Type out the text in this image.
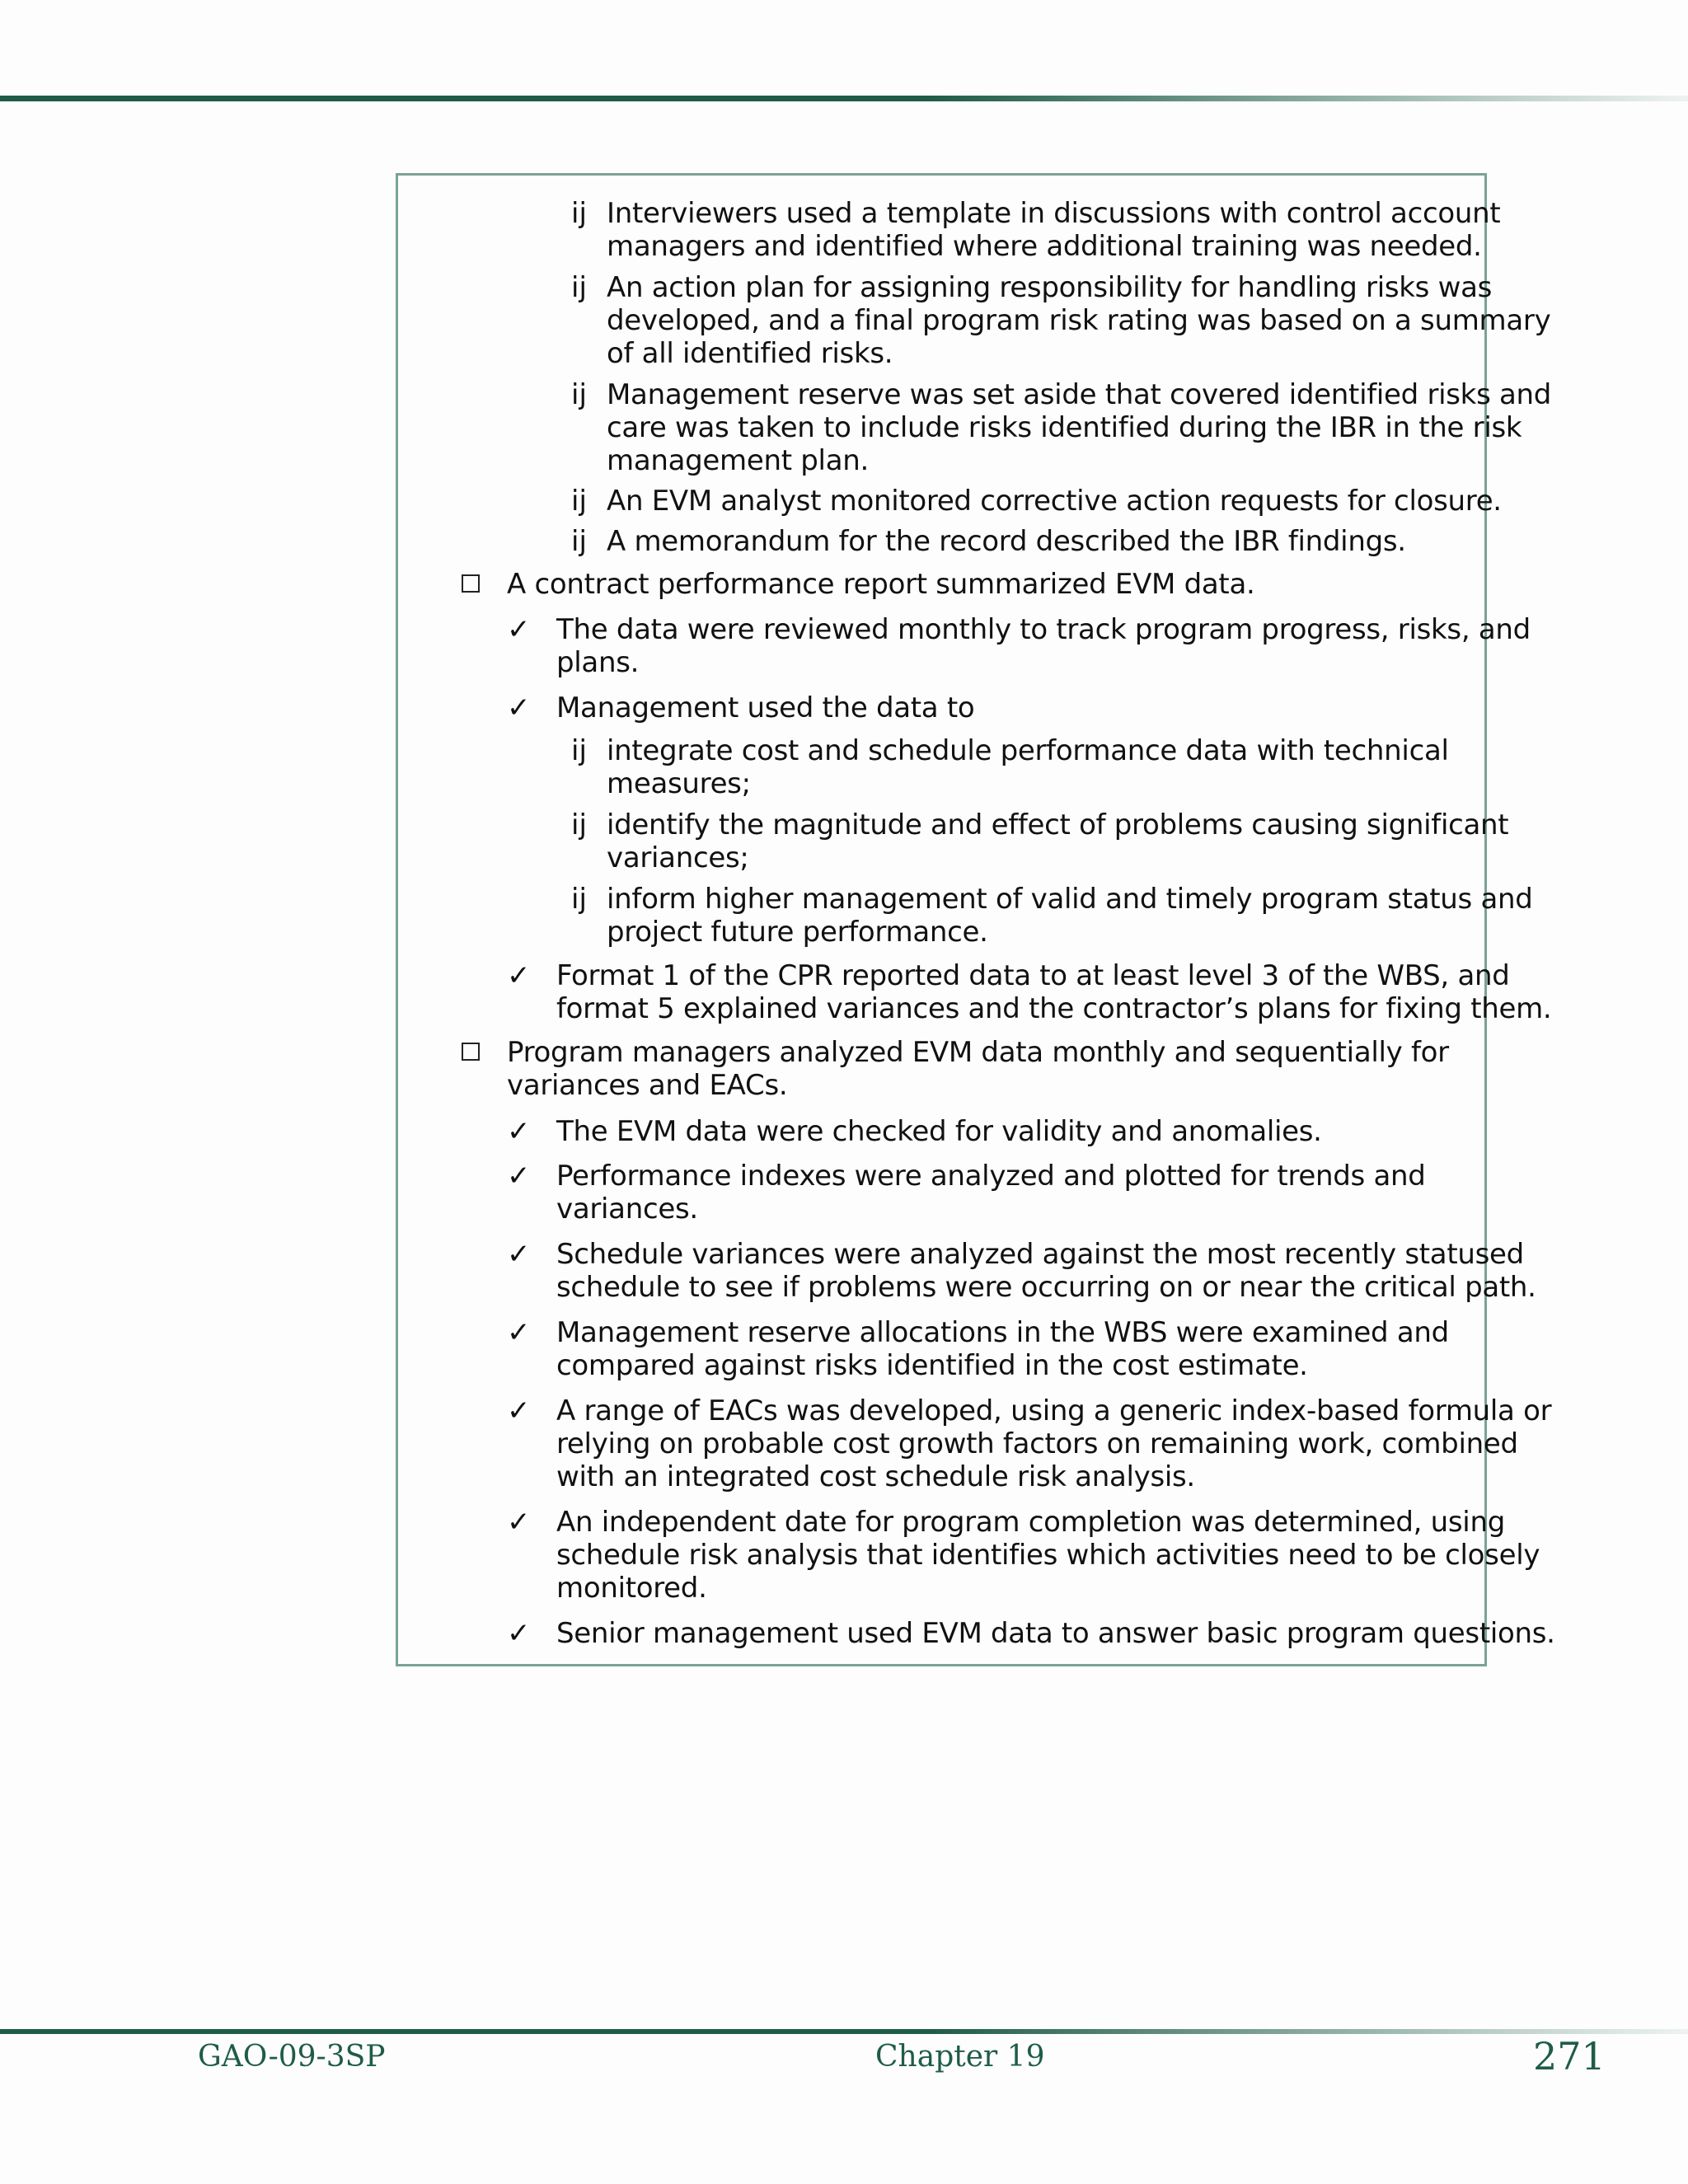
ij Interviewers used a template in discussions with control account
managers and identified where additional training was needed.
ij An action plan for assigning responsibility for handling risks was
developed, and a final program risk rating was based on a summary
of all identified risks.
ij Management reserve was set aside that covered identified risks and
care was taken to include risks identified during the IBR in the risk
management plan.
ij An EVM analyst monitored corrective action requests for closure.
ij A memorandum for the record described the IBR findings.
A contract performance report summarized EVM data.
✓ The data were reviewed monthly to track program progress, risks, and
plans.
✓ Management used the data to
ij integrate cost and schedule performance data with technical
measures;
ij identify the magnitude and effect of problems causing significant
variances;
ij inform higher management of valid and timely program status and
project future performance.
✓ Format 1 of the CPR reported data to at least level 3 of the WBS, and
format 5 explained variances and the contractor’s plans for fixing them.
Program managers analyzed EVM data monthly and sequentially for
variances and EACs.
✓ The EVM data were checked for validity and anomalies.
✓ Performance indexes were analyzed and plotted for trends and
variances.
✓ Schedule variances were analyzed against the most recently statused
schedule to see if problems were occurring on or near the critical path.
✓ Management reserve allocations in the WBS were examined and
compared against risks identified in the cost estimate.
✓ A range of EACs was developed, using a generic index-based formula or
relying on probable cost growth factors on remaining work, combined
with an integrated cost schedule risk analysis.
✓ An independent date for program completion was determined, using
schedule risk analysis that identifies which activities need to be closely
monitored.
✓ Senior management used EVM data to answer basic program questions.
GAO-09-3SP	Chapter 19	271
